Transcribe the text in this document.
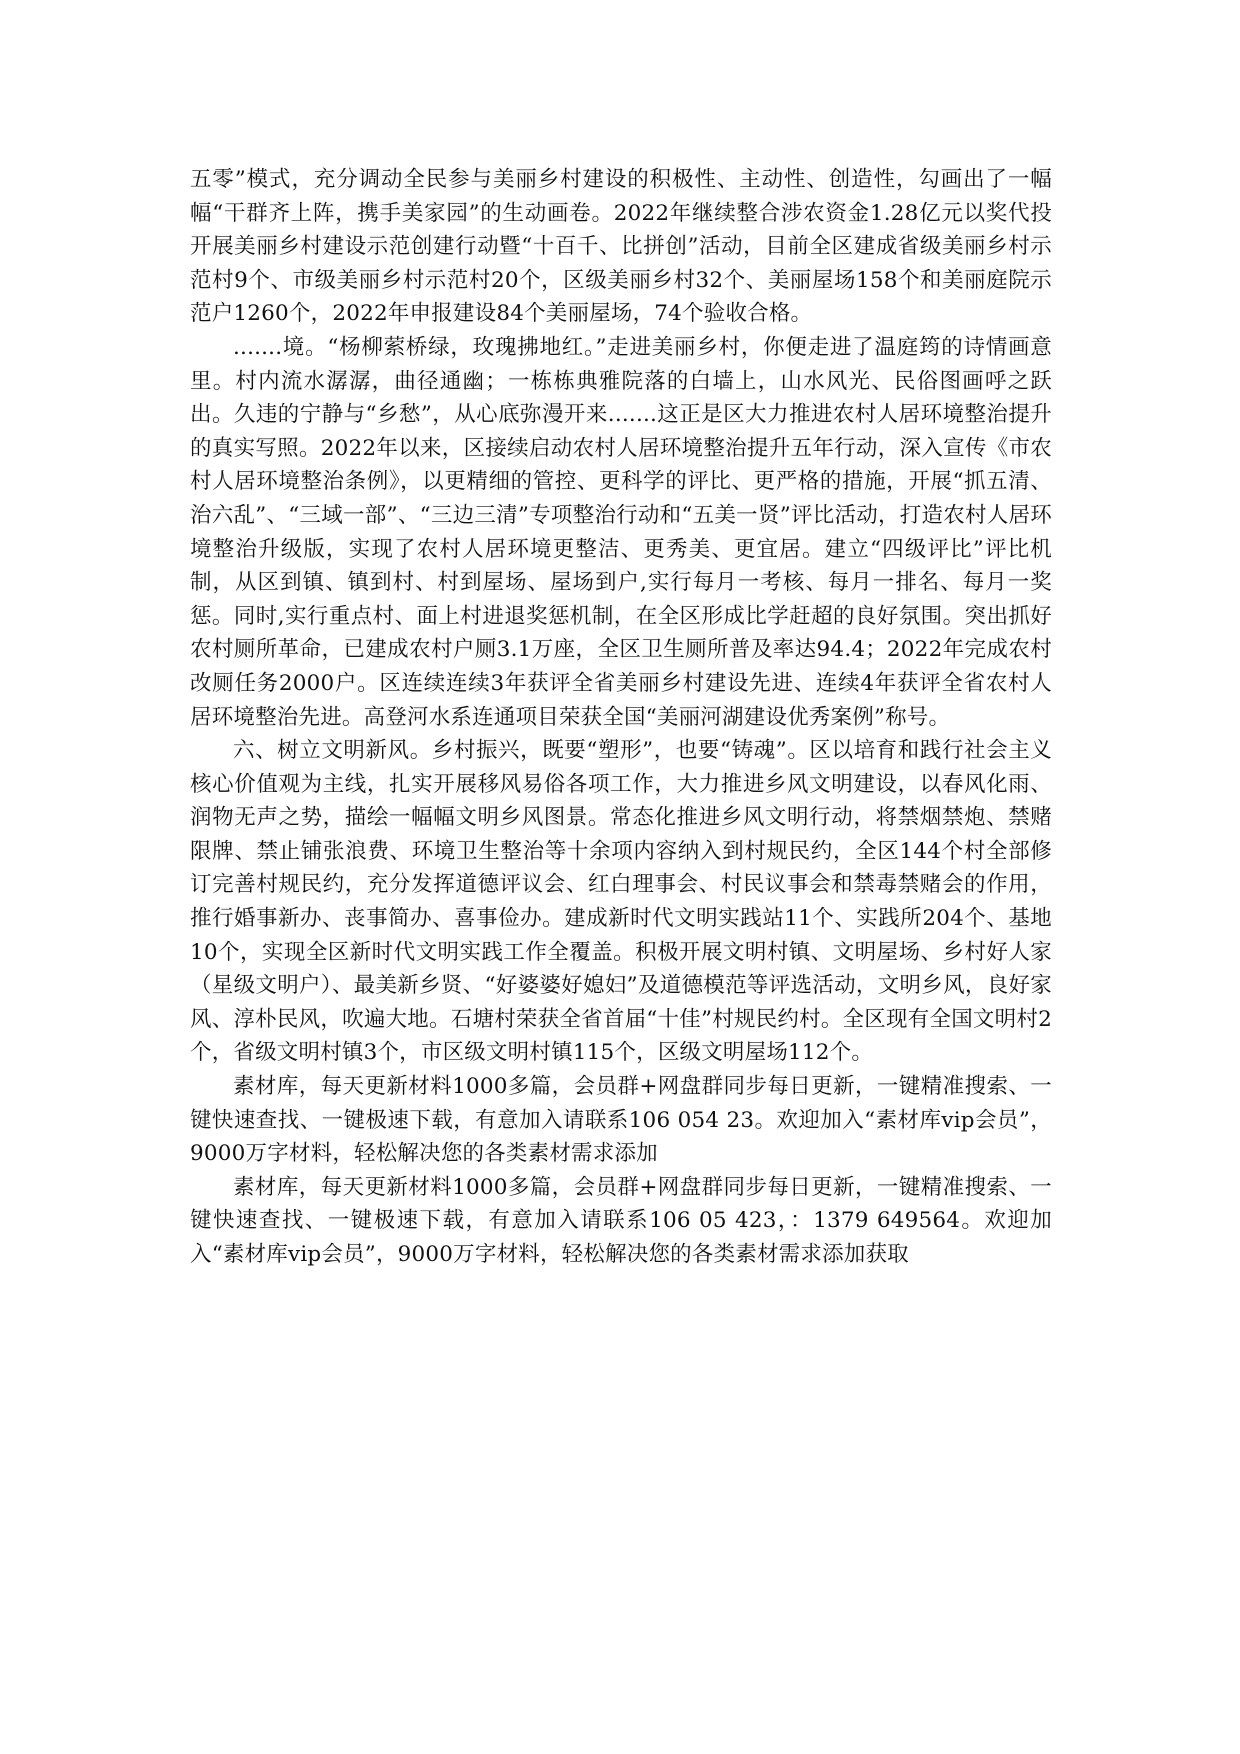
五零”模式，充分调动全民参与美丽乡村建设的积极性、主动性、创造性，勾画出了一幅幅“干群齐上阵，携手美家园”的生动画卷。2022年继续整合涉农资金1.28亿元以奖代投开展美丽乡村建设示范创建行动暨“十百千、比拼创”活动，目前全区建成省级美丽乡村示范村9个、市级美丽乡村示范村20个，区级美丽乡村32个、美丽屋场158个和美丽庭院示范户1260个，2022年申报建设84个美丽屋场，74个验收合格。

.......境。“杨柳萦桥绿，玫瑰拂地红。”走进美丽乡村，你便走进了温庭筠的诗情画意里。村内流水潺潺，曲径通幽；一栋栋典雅院落的白墙上，山水风光、民俗图画呼之跃出。久违的宁静与“乡愁”，从心底弥漫开来.......这正是区大力推进农村人居环境整治提升的真实写照。2022年以来，区接续启动农村人居环境整治提升五年行动，深入宣传《市农村人居环境整治条例》，以更精细的管控、更科学的评比、更严格的措施，开展“抓五清、治六乱”、“三域一部”、“三边三清”专项整治行动和“五美一贤”评比活动，打造农村人居环境整治升级版，实现了农村人居环境更整洁、更秀美、更宜居。建立“四级评比”评比机制，从区到镇、镇到村、村到屋场、屋场到户,实行每月一考核、每月一排名、每月一奖惩。同时,实行重点村、面上村进退奖惩机制，在全区形成比学赶超的良好氛围。突出抓好农村厕所革命，已建成农村户厕3.1万座，全区卫生厕所普及率达94.4；2022年完成农村改厕任务2000户。区连续连续3年获评全省美丽乡村建设先进、连续4年获评全省农村人居环境整治先进。高登河水系连通项目荣获全国“美丽河湖建设优秀案例”称号。

六、树立文明新风。乡村振兴，既要“塑形”，也要“铸魂”。区以培育和践行社会主义核心价值观为主线，扎实开展移风易俗各项工作，大力推进乡风文明建设，以春风化雨、润物无声之势，描绘一幅幅文明乡风图景。常态化推进乡风文明行动，将禁烟禁炮、禁赌限牌、禁止铺张浪费、环境卫生整治等十余项内容纳入到村规民约，全区144个村全部修订完善村规民约，充分发挥道德评议会、红白理事会、村民议事会和禁毒禁赌会的作用，推行婚事新办、丧事简办、喜事俭办。建成新时代文明实践站11个、实践所204个、基地10个，实现全区新时代文明实践工作全覆盖。积极开展文明村镇、文明屋场、乡村好人家（星级文明户）、最美新乡贤、“好婆婆好媳妇”及道德模范等评选活动，文明乡风，良好家风、淳朴民风，吹遍大地。石塘村荣获全省首届“十佳”村规民约村。全区现有全国文明村2个，省级文明村镇3个，市区级文明村镇115个，区级文明屋场112个。

素材库，每天更新材料1000多篇，会员群+网盘群同步每日更新，一键精准搜索、一键快速查找、一键极速下载，有意加入请联系106 054 23。欢迎加入“素材库vip会员”，9000万字材料，轻松解决您的各类素材需求添加

素材库，每天更新材料1000多篇，会员群+网盘群同步每日更新，一键精准搜索、一键快速查找、一键极速下载，有意加入请联系106 05 423，：1379 649564。欢迎加入“素材库vip会员”，9000万字材料，轻松解决您的各类素材需求添加获取
